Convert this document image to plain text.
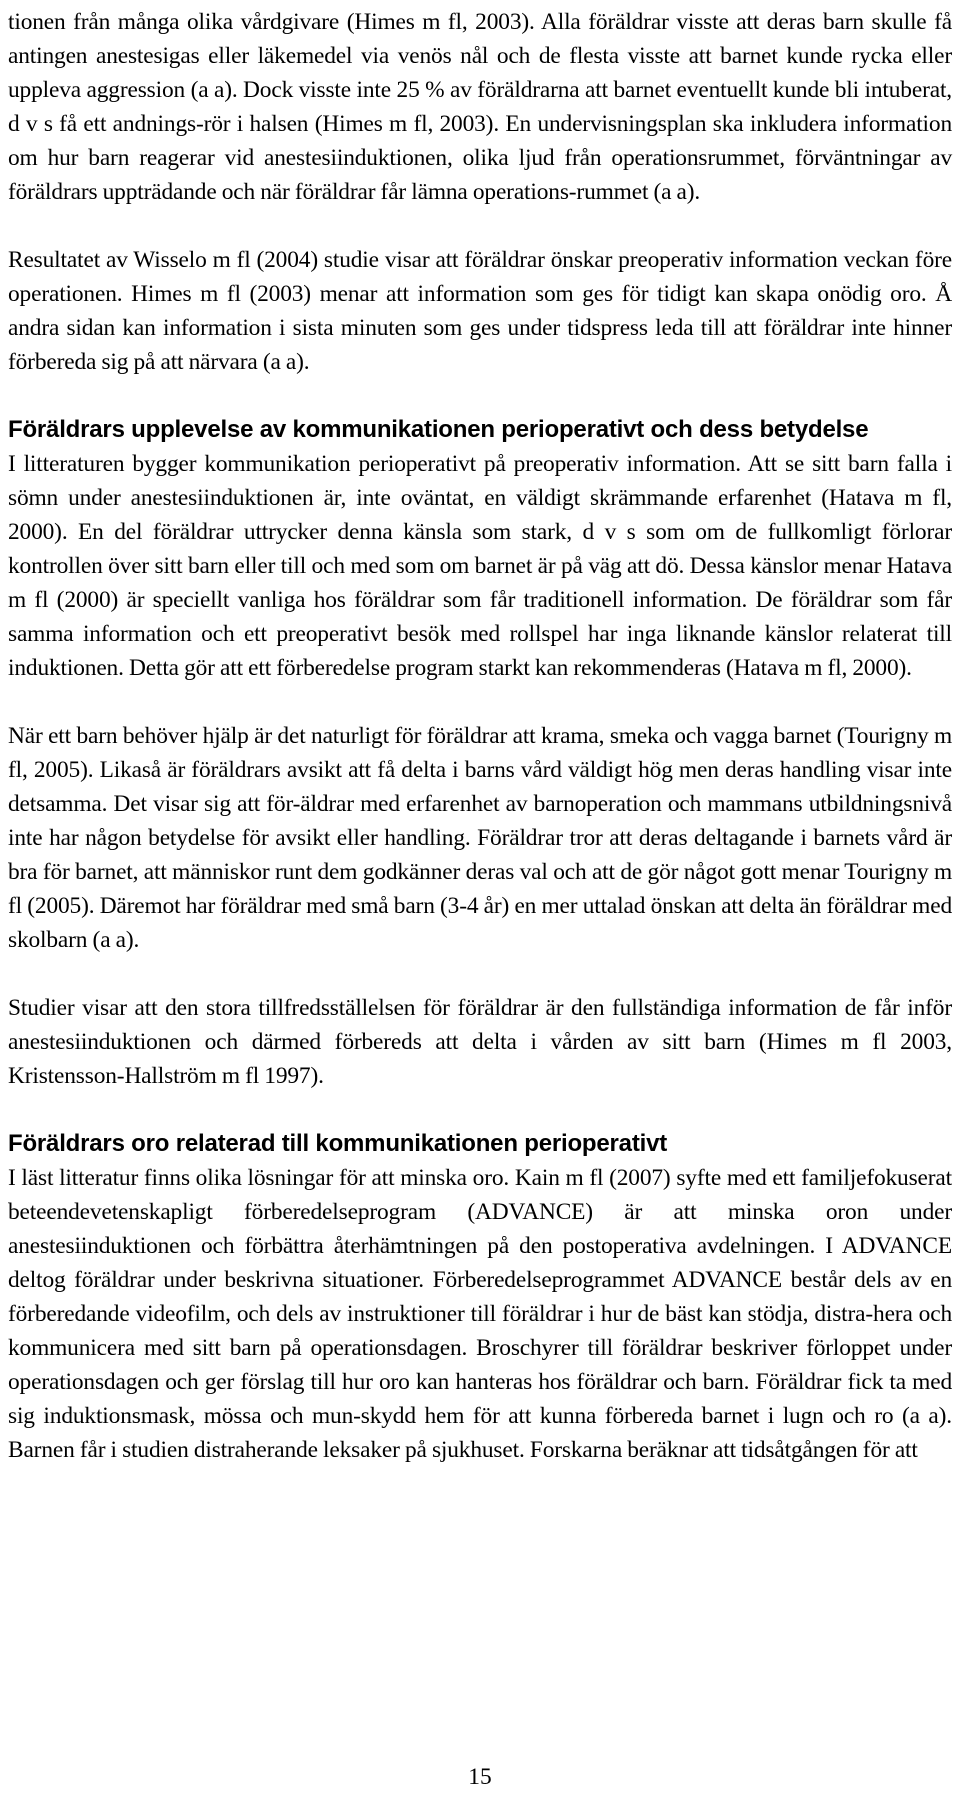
tionen från många olika vårdgivare (Himes m fl, 2003). Alla föräldrar visste att deras barn skulle få antingen anestesigas eller läkemedel via venös nål och de flesta visste att barnet kunde rycka eller uppleva aggression (a a). Dock visste inte 25 % av föräldrarna att barnet eventuellt kunde bli intuberat, d v s få ett andnings-rör i halsen (Himes m fl, 2003). En undervisningsplan ska inkludera information om hur barn reagerar vid anestesiinduktionen, olika ljud från operationsrummet, förväntningar av föräldrars uppträdande och när föräldrar får lämna operations-rummet (a a).

Resultatet av Wisselo m fl (2004) studie visar att föräldrar önskar preoperativ information veckan före operationen. Himes m fl (2003) menar att information som ges för tidigt kan skapa onödig oro. Å andra sidan kan information i sista minuten som ges under tidspress leda till att föräldrar inte hinner förbereda sig på att närvara (a a).

Föräldrars upplevelse av kommunikationen perioperativt och dess betydelse

I litteraturen bygger kommunikation perioperativt på preoperativ information. Att se sitt barn falla i sömn under anestesiinduktionen är, inte oväntat, en väldigt skrämmande erfarenhet (Hatava m fl, 2000). En del föräldrar uttrycker denna känsla som stark, d v s som om de fullkomligt förlorar kontrollen över sitt barn eller till och med som om barnet är på väg att dö. Dessa känslor menar Hatava m fl (2000) är speciellt vanliga hos föräldrar som får traditionell information. De föräldrar som får samma information och ett preoperativt besök med rollspel har inga liknande känslor relaterat till induktionen. Detta gör att ett förberedelse program starkt kan rekommenderas (Hatava m fl, 2000).

När ett barn behöver hjälp är det naturligt för föräldrar att krama, smeka och vagga barnet (Tourigny m fl, 2005). Likaså är föräldrars avsikt att få delta i barns vård väldigt hög men deras handling visar inte detsamma. Det visar sig att för-äldrar med erfarenhet av barnoperation och mammans utbildningsnivå inte har någon betydelse för avsikt eller handling. Föräldrar tror att deras deltagande i barnets vård är bra för barnet, att människor runt dem godkänner deras val och att de gör något gott menar Tourigny m fl (2005). Däremot har föräldrar med små barn (3-4 år) en mer uttalad önskan att delta än föräldrar med skolbarn (a a).

Studier visar att den stora tillfredsställelsen för föräldrar är den fullständiga information de får inför anestesiinduktionen och därmed förbereds att delta i vården av sitt barn (Himes m fl 2003, Kristensson-Hallström m fl 1997).

Föräldrars oro relaterad till kommunikationen perioperativt

I läst litteratur finns olika lösningar för att minska oro. Kain m fl (2007) syfte med ett familjefokuserat beteendevetenskapligt förberedelseprogram (ADVANCE) är att minska oron under anestesiinduktionen och förbättra återhämtningen på den postoperativa avdelningen. I ADVANCE deltog föräldrar under beskrivna situationer. Förberedelseprogrammet ADVANCE består dels av en förberedande videofilm, och dels av instruktioner till föräldrar i hur de bäst kan stödja, distra-hera och kommunicera med sitt barn på operationsdagen. Broschyrer till föräldrar beskriver förloppet under operationsdagen och ger förslag till hur oro kan hanteras hos föräldrar och barn. Föräldrar fick ta med sig induktionsmask, mössa och mun-skydd hem för att kunna förbereda barnet i lugn och ro (a a). Barnen får i studien distraherande leksaker på sjukhuset. Forskarna beräknar att tidsåtgången för att

15
